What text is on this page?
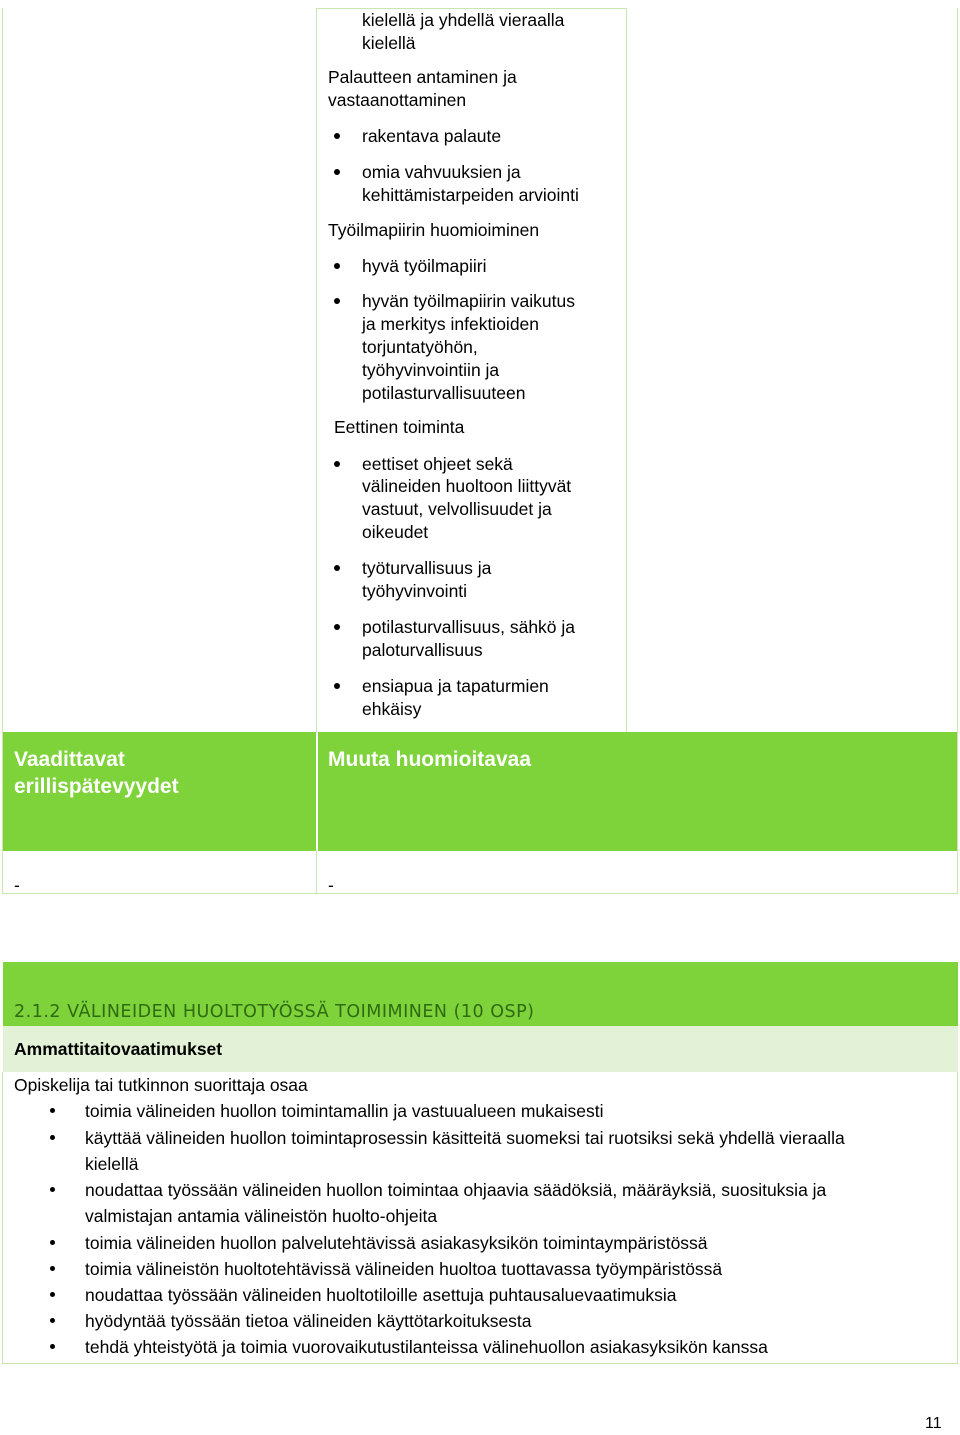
Vaadittavat
erillispätevyydet
Muuta huomioitavaa
-	-
kielellä ja yhdellä vieraalla
kielellä
Palautteen antaminen ja
vastaanottaminen
rakentava palaute
omia vahvuuksien ja
kehittämistarpeiden arviointi
Työilmapiirin huomioiminen
hyvä työilmapiiri
hyvän työilmapiirin vaikutus
ja merkitys infektioiden
torjuntatyöhön,
työhyvinvointiin ja
potilasturvallisuuteen
Eettinen toiminta
eettiset ohjeet sekä
välineiden huoltoon liittyvät
vastuut, velvollisuudet ja
oikeudet
työturvallisuus ja
työhyvinvointi
potilasturvallisuus, sähkö ja
paloturvallisuus
ensiapua ja tapaturmien
ehkäisy
2.1.2 VÄLINEIDEN HUOLTOTYÖSSÄ TOIMIMINEN (10 OSP)
Ammattitaitovaatimukset
Opiskelija tai tutkinnon suorittaja osaa
toimia välineiden huollon toimintamallin ja vastuualueen mukaisesti
käyttää välineiden huollon toimintaprosessin käsitteitä suomeksi tai ruotsiksi sekä yhdellä vieraalla
kielellä
noudattaa työssään välineiden huollon toimintaa ohjaavia säädöksiä, määräyksiä, suosituksia ja
valmistajan antamia välineistön huolto-ohjeita
toimia välineiden huollon palvelutehtävissä asiakasyksikön toimintaympäristössä
toimia välineistön huoltotehtävissä välineiden huoltoa tuottavassa työympäristössä
noudattaa työssään välineiden huoltotiloille asettuja puhtausaluevaatimuksia
hyödyntää työssään tietoa välineiden käyttötarkoituksesta
tehdä yhteistyötä ja toimia vuorovaikutustilanteissa välinehuollon asiakasyksikön kanssa
11
